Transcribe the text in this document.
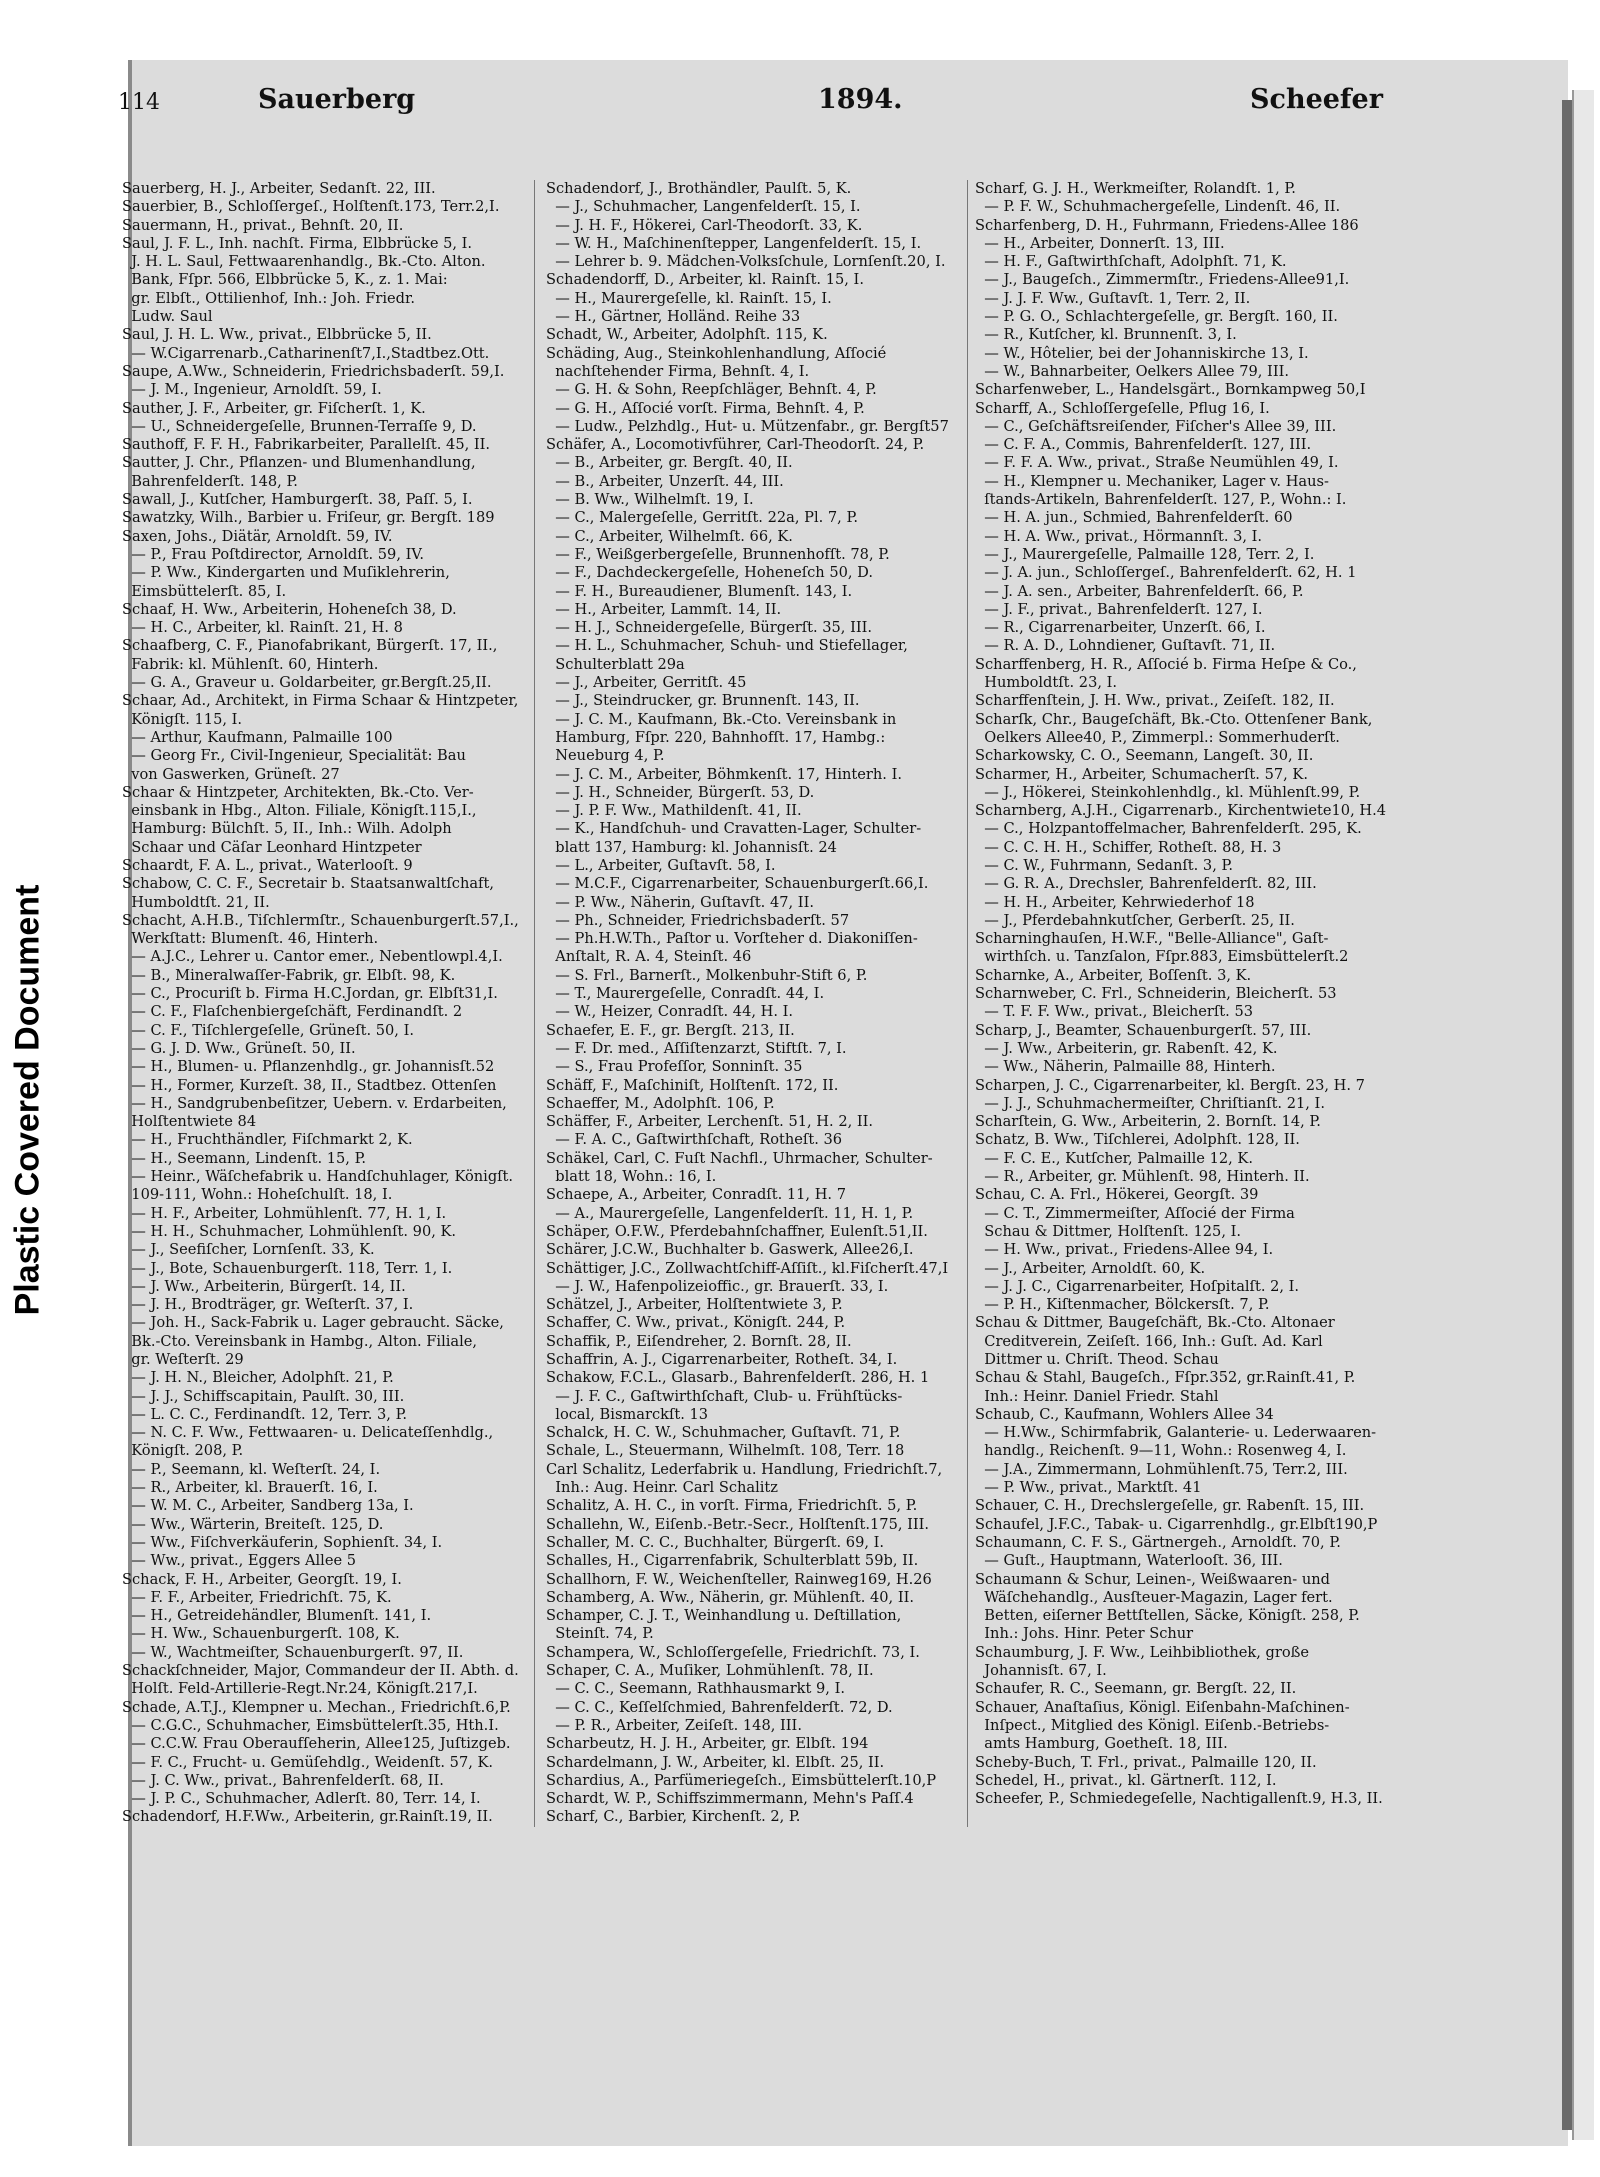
Plastic Covered Document
114	Sauerberg	1894.	Scheefer
Sauerberg, H. J., Arbeiter, Sedanſt. 22, III.
Sauerbier, B., Schloſſergeſ., Holſtenſt.173, Terr.2,I.
Sauermann, H., privat., Behnſt. 20, II.
Saul, J. F. L., Inh. nachſt. Firma, Elbbrücke 5, I.
J. H. L. Saul, Fettwaarenhandlg., Bk.-Cto. Alton.
Bank, Fſpr. 566, Elbbrücke 5, K., z. 1. Mai:
gr. Elbſt., Ottilienhof, Inh.: Joh. Friedr.
Ludw. Saul
Saul, J. H. L. Ww., privat., Elbbrücke 5, II.
— W.Cigarrenarb.,Catharinenſt7,I.,Stadtbez.Ott.
Saupe, A.Ww., Schneiderin, Friedrichsbaderſt. 59,I.
— J. M., Ingenieur, Arnoldſt. 59, I.
Sauther, J. F., Arbeiter, gr. Fiſcherſt. 1, K.
— U., Schneidergeſelle, Brunnen-Terraſſe 9, D.
Sauthoff, F. F. H., Fabrikarbeiter, Parallelſt. 45, II.
Sautter, J. Chr., Pflanzen- und Blumenhandlung,
Bahrenfelderſt. 148, P.
Sawall, J., Kutſcher, Hamburgerſt. 38, Paſſ. 5, I.
Sawatzky, Wilh., Barbier u. Friſeur, gr. Bergſt. 189
Saxen, Johs., Diätär, Arnoldſt. 59, IV.
— P., Frau Poſtdirector, Arnoldſt. 59, IV.
— P. Ww., Kindergarten und Muſiklehrerin,
Eimsbüttelerſt. 85, I.
Schaaf, H. Ww., Arbeiterin, Hoheneſch 38, D.
— H. C., Arbeiter, kl. Rainſt. 21, H. 8
Schaafberg, C. F., Pianofabrikant, Bürgerſt. 17, II.,
Fabrik: kl. Mühlenſt. 60, Hinterh.
— G. A., Graveur u. Goldarbeiter, gr.Bergſt.25,II.
Schaar, Ad., Architekt, in Firma Schaar & Hintzpeter,
Königſt. 115, I.
— Arthur, Kaufmann, Palmaille 100
— Georg Fr., Civil-Ingenieur, Specialität: Bau
von Gaswerken, Grüneſt. 27
Schaar & Hintzpeter, Architekten, Bk.-Cto. Ver-
einsbank in Hbg., Alton. Filiale, Königſt.115,I.,
Hamburg: Bülchſt. 5, II., Inh.: Wilh. Adolph
Schaar und Cäſar Leonhard Hintzpeter
Schaardt, F. A. L., privat., Waterlooſt. 9
Schabow, C. C. F., Secretair b. Staatsanwaltſchaft,
Humboldtſt. 21, II.
Schacht, A.H.B., Tiſchlermſtr., Schauenburgerſt.57,I.,
Werkſtatt: Blumenſt. 46, Hinterh.
— A.J.C., Lehrer u. Cantor emer., Nebentlowpl.4,I.
— B., Mineralwaſſer-Fabrik, gr. Elbſt. 98, K.
— C., Procuriſt b. Firma H.C.Jordan, gr. Elbſt31,I.
— C. F., Flaſchenbiergeſchäft, Ferdinandſt. 2
— C. F., Tiſchlergeſelle, Grüneſt. 50, I.
— G. J. D. Ww., Grüneſt. 50, II.
— H., Blumen- u. Pflanzenhdlg., gr. Johannisſt.52
— H., Former, Kurzeſt. 38, II., Stadtbez. Ottenſen
— H., Sandgrubenbeſitzer, Uebern. v. Erdarbeiten,
Holſtentwiete 84
— H., Fruchthändler, Fiſchmarkt 2, K.
— H., Seemann, Lindenſt. 15, P.
— Heinr., Wäſchefabrik u. Handſchuhlager, Königſt.
109-111, Wohn.: Hoheſchulſt. 18, I.
— H. F., Arbeiter, Lohmühlenſt. 77, H. 1, I.
— H. H., Schuhmacher, Lohmühlenſt. 90, K.
— J., Seefiſcher, Lornſenſt. 33, K.
— J., Bote, Schauenburgerſt. 118, Terr. 1, I.
— J. Ww., Arbeiterin, Bürgerſt. 14, II.
— J. H., Brodträger, gr. Weſterſt. 37, I.
— Joh. H., Sack-Fabrik u. Lager gebraucht. Säcke,
Bk.-Cto. Vereinsbank in Hambg., Alton. Filiale,
gr. Weſterſt. 29
— J. H. N., Bleicher, Adolphſt. 21, P.
— J. J., Schiffscapitain, Paulſt. 30, III.
— L. C. C., Ferdinandſt. 12, Terr. 3, P.
— N. C. F. Ww., Fettwaaren- u. Delicateſſenhdlg.,
Königſt. 208, P.
— P., Seemann, kl. Weſterſt. 24, I.
— R., Arbeiter, kl. Brauerſt. 16, I.
— W. M. C., Arbeiter, Sandberg 13a, I.
— Ww., Wärterin, Breiteſt. 125, D.
— Ww., Fiſchverkäuferin, Sophienſt. 34, I.
— Ww., privat., Eggers Allee 5
Schack, F. H., Arbeiter, Georgſt. 19, I.
— F. F., Arbeiter, Friedrichſt. 75, K.
— H., Getreidehändler, Blumenſt. 141, I.
— H. Ww., Schauenburgerſt. 108, K.
— W., Wachtmeiſter, Schauenburgerſt. 97, II.
Schackſchneider, Major, Commandeur der II. Abth. d.
Holſt. Feld-Artillerie-Regt.Nr.24, Königſt.217,I.
Schade, A.T.J., Klempner u. Mechan., Friedrichſt.6,P.
— C.G.C., Schuhmacher, Eimsbüttelerſt.35, Hth.I.
— C.C.W. Frau Oberaufſeherin, Allee125, Juſtizgeb.
— F. C., Frucht- u. Gemüſehdlg., Weidenſt. 57, K.
— J. C. Ww., privat., Bahrenfelderſt. 68, II.
— J. P. C., Schuhmacher, Adlerſt. 80, Terr. 14, I.
Schadendorf, H.F.Ww., Arbeiterin, gr.Rainſt.19, II.
Schadendorf, J., Brothändler, Paulſt. 5, K.
— J., Schuhmacher, Langenfelderſt. 15, I.
— J. H. F., Hökerei, Carl-Theodorſt. 33, K.
— W. H., Maſchinenſtepper, Langenfelderſt. 15, I.
— Lehrer b. 9. Mädchen-Volksſchule, Lornſenſt.20, I.
Schadendorff, D., Arbeiter, kl. Rainſt. 15, I.
— H., Maurergeſelle, kl. Rainſt. 15, I.
— H., Gärtner, Holländ. Reihe 33
Schadt, W., Arbeiter, Adolphſt. 115, K.
Schäding, Aug., Steinkohlenhandlung, Aſſocié
nachſtehender Firma, Behnſt. 4, I.
— G. H. & Sohn, Reepſchläger, Behnſt. 4, P.
— G. H., Aſſocié vorſt. Firma, Behnſt. 4, P.
— Ludw., Pelzhdlg., Hut- u. Mützenfabr., gr. Bergſt57
Schäfer, A., Locomotivführer, Carl-Theodorſt. 24, P.
— B., Arbeiter, gr. Bergſt. 40, II.
— B., Arbeiter, Unzerſt. 44, III.
— B. Ww., Wilhelmſt. 19, I.
— C., Malergeſelle, Gerritſt. 22a, Pl. 7, P.
— C., Arbeiter, Wilhelmſt. 66, K.
— F., Weißgerbergeſelle, Brunnenhofſt. 78, P.
— F., Dachdeckergeſelle, Hoheneſch 50, D.
— F. H., Bureaudiener, Blumenſt. 143, I.
— H., Arbeiter, Lammſt. 14, II.
— H. J., Schneidergeſelle, Bürgerſt. 35, III.
— H. L., Schuhmacher, Schuh- und Stiefellager,
Schulterblatt 29a
— J., Arbeiter, Gerritſt. 45
— J., Steindrucker, gr. Brunnenſt. 143, II.
— J. C. M., Kaufmann, Bk.-Cto. Vereinsbank in
Hamburg, Fſpr. 220, Bahnhofſt. 17, Hambg.:
Neueburg 4, P.
— J. C. M., Arbeiter, Böhmkenſt. 17, Hinterh. I.
— J. H., Schneider, Bürgerſt. 53, D.
— J. P. F. Ww., Mathildenſt. 41, II.
— K., Handſchuh- und Cravatten-Lager, Schulter-
blatt 137, Hamburg: kl. Johannisſt. 24
— L., Arbeiter, Guſtavſt. 58, I.
— M.C.F., Cigarrenarbeiter, Schauenburgerſt.66,I.
— P. Ww., Näherin, Guſtavſt. 47, II.
— Ph., Schneider, Friedrichsbaderſt. 57
— Ph.H.W.Th., Paſtor u. Vorſteher d. Diakoniſſen-
Anſtalt, R. A. 4, Steinſt. 46
— S. Frl., Barnerſt., Molkenbuhr-Stift 6, P.
— T., Maurergeſelle, Conradſt. 44, I.
— W., Heizer, Conradſt. 44, H. I.
Schaefer, E. F., gr. Bergſt. 213, II.
— F. Dr. med., Aſſiſtenzarzt, Stiftſt. 7, I.
— S., Frau Profeſſor, Sonninſt. 35
Schäff, F., Maſchiniſt, Holſtenſt. 172, II.
Schaeffer, M., Adolphſt. 106, P.
Schäffer, F., Arbeiter, Lerchenſt. 51, H. 2, II.
— F. A. C., Gaſtwirthſchaft, Rotheſt. 36
Schäkel, Carl, C. Fuſt Nachfl., Uhrmacher, Schulter-
blatt 18, Wohn.: 16, I.
Schaepe, A., Arbeiter, Conradſt. 11, H. 7
— A., Maurergeſelle, Langenfelderſt. 11, H. 1, P.
Schäper, O.F.W., Pferdebahnſchaffner, Eulenſt.51,II.
Schärer, J.C.W., Buchhalter b. Gaswerk, Allee26,I.
Schättiger, J.C., Zollwachtſchiff-Aſſiſt., kl.Fiſcherſt.47,I
— J. W., Hafenpolizeioffic., gr. Brauerſt. 33, I.
Schätzel, J., Arbeiter, Holſtentwiete 3, P.
Schaffer, C. Ww., privat., Königſt. 244, P.
Schaffik, P., Eiſendreher, 2. Bornſt. 28, II.
Schaffrin, A. J., Cigarrenarbeiter, Rotheſt. 34, I.
Schakow, F.C.L., Glasarb., Bahrenfelderſt. 286, H. 1
— J. F. C., Gaſtwirthſchaft, Club- u. Frühſtücks-
local, Bismarckſt. 13
Schalck, H. C. W., Schuhmacher, Guſtavſt. 71, P.
Schale, L., Steuermann, Wilhelmſt. 108, Terr. 18
Carl Schalitz, Lederfabrik u. Handlung, Friedrichſt.7,
Inh.: Aug. Heinr. Carl Schalitz
Schalitz, A. H. C., in vorſt. Firma, Friedrichſt. 5, P.
Schallehn, W., Eiſenb.-Betr.-Secr., Holſtenſt.175, III.
Schaller, M. C. C., Buchhalter, Bürgerſt. 69, I.
Schalles, H., Cigarrenfabrik, Schulterblatt 59b, II.
Schallhorn, F. W., Weichenſteller, Rainweg169, H.26
Schamberg, A. Ww., Näherin, gr. Mühlenſt. 40, II.
Schamper, C. J. T., Weinhandlung u. Deſtillation,
Steinſt. 74, P.
Schampera, W., Schloſſergeſelle, Friedrichſt. 73, I.
Schaper, C. A., Muſiker, Lohmühlenſt. 78, II.
— C. C., Seemann, Rathhausmarkt 9, I.
— C. C., Keſſelſchmied, Bahrenfelderſt. 72, D.
— P. R., Arbeiter, Zeiſeſt. 148, III.
Scharbeutz, H. J. H., Arbeiter, gr. Elbſt. 194
Schardelmann, J. W., Arbeiter, kl. Elbſt. 25, II.
Schardius, A., Parfümeriegeſch., Eimsbüttelerſt.10,P
Schardt, W. P., Schiffszimmermann, Mehn's Paſſ.4
Scharf, C., Barbier, Kirchenſt. 2, P.
Scharf, G. J. H., Werkmeiſter, Rolandſt. 1, P.
— P. F. W., Schuhmachergeſelle, Lindenſt. 46, II.
Scharfenberg, D. H., Fuhrmann, Friedens-Allee 186
— H., Arbeiter, Donnerſt. 13, III.
— H. F., Gaſtwirthſchaft, Adolphſt. 71, K.
— J., Baugeſch., Zimmermſtr., Friedens-Allee91,I.
— J. J. F. Ww., Guſtavſt. 1, Terr. 2, II.
— P. G. O., Schlachtergeſelle, gr. Bergſt. 160, II.
— R., Kutſcher, kl. Brunnenſt. 3, I.
— W., Hôtelier, bei der Johanniskirche 13, I.
— W., Bahnarbeiter, Oelkers Allee 79, III.
Scharfenweber, L., Handelsgärt., Bornkampweg 50,I
Scharff, A., Schloſſergeſelle, Pflug 16, I.
— C., Geſchäftsreiſender, Fiſcher's Allee 39, III.
— C. F. A., Commis, Bahrenfelderſt. 127, III.
— F. F. A. Ww., privat., Straße Neumühlen 49, I.
— H., Klempner u. Mechaniker, Lager v. Haus-
ſtands-Artikeln, Bahrenfelderſt. 127, P., Wohn.: I.
— H. A. jun., Schmied, Bahrenfelderſt. 60
— H. A. Ww., privat., Hörmannſt. 3, I.
— J., Maurergeſelle, Palmaille 128, Terr. 2, I.
— J. A. jun., Schloſſergeſ., Bahrenfelderſt. 62, H. 1
— J. A. sen., Arbeiter, Bahrenfelderſt. 66, P.
— J. F., privat., Bahrenfelderſt. 127, I.
— R., Cigarrenarbeiter, Unzerſt. 66, I.
— R. A. D., Lohndiener, Guſtavſt. 71, II.
Scharffenberg, H. R., Aſſocié b. Firma Heſpe & Co.,
Humboldtſt. 23, I.
Scharffenſtein, J. H. Ww., privat., Zeiſeſt. 182, II.
Scharſk, Chr., Baugeſchäft, Bk.-Cto. Ottenſener Bank,
Oelkers Allee40, P., Zimmerpl.: Sommerhuderſt.
Scharkowsky, C. O., Seemann, Langeſt. 30, II.
Scharmer, H., Arbeiter, Schumacherſt. 57, K.
— J., Hökerei, Steinkohlenhdlg., kl. Mühlenſt.99, P.
Scharnberg, A.J.H., Cigarrenarb., Kirchentwiete10, H.4
— C., Holzpantoffelmacher, Bahrenfelderſt. 295, K.
— C. C. H. H., Schiffer, Rotheſt. 88, H. 3
— C. W., Fuhrmann, Sedanſt. 3, P.
— G. R. A., Drechsler, Bahrenfelderſt. 82, III.
— H. H., Arbeiter, Kehrwiederhof 18
— J., Pferdebahnkutſcher, Gerberſt. 25, II.
Scharninghauſen, H.W.F., "Belle-Alliance", Gaſt-
wirthſch. u. Tanzſalon, Fſpr.883, Eimsbüttelerſt.2
Scharnke, A., Arbeiter, Boſſenſt. 3, K.
Scharnweber, C. Frl., Schneiderin, Bleicherſt. 53
— T. F. F. Ww., privat., Bleicherſt. 53
Scharp, J., Beamter, Schauenburgerſt. 57, III.
— J. Ww., Arbeiterin, gr. Rabenſt. 42, K.
— Ww., Näherin, Palmaille 88, Hinterh.
Scharpen, J. C., Cigarrenarbeiter, kl. Bergſt. 23, H. 7
— J. J., Schuhmachermeiſter, Chriſtianſt. 21, I.
Scharſtein, G. Ww., Arbeiterin, 2. Bornſt. 14, P.
Schatz, B. Ww., Tiſchlerei, Adolphſt. 128, II.
— F. C. E., Kutſcher, Palmaille 12, K.
— R., Arbeiter, gr. Mühlenſt. 98, Hinterh. II.
Schau, C. A. Frl., Hökerei, Georgſt. 39
— C. T., Zimmermeiſter, Aſſocié der Firma
Schau & Dittmer, Holſtenſt. 125, I.
— H. Ww., privat., Friedens-Allee 94, I.
— J., Arbeiter, Arnoldſt. 60, K.
— J. J. C., Cigarrenarbeiter, Hoſpitalſt. 2, I.
— P. H., Kiſtenmacher, Bölckersſt. 7, P.
Schau & Dittmer, Baugeſchäft, Bk.-Cto. Altonaer
Creditverein, Zeiſeſt. 166, Inh.: Guſt. Ad. Karl
Dittmer u. Chriſt. Theod. Schau
Schau & Stahl, Baugeſch., Fſpr.352, gr.Rainſt.41, P.
Inh.: Heinr. Daniel Friedr. Stahl
Schaub, C., Kaufmann, Wohlers Allee 34
— H.Ww., Schirmfabrik, Galanterie- u. Lederwaaren-
handlg., Reichenſt. 9—11, Wohn.: Rosenweg 4, I.
— J.A., Zimmermann, Lohmühlenſt.75, Terr.2, III.
— P. Ww., privat., Marktſt. 41
Schauer, C. H., Drechslergeſelle, gr. Rabenſt. 15, III.
Schaufel, J.F.C., Tabak- u. Cigarrenhdlg., gr.Elbſt190,P
Schaumann, C. F. S., Gärtnergeh., Arnoldſt. 70, P.
— Guſt., Hauptmann, Waterlooſt. 36, III.
Schaumann & Schur, Leinen-, Weißwaaren- und
Wäſchehandlg., Ausſteuer-Magazin, Lager fert.
Betten, eiſerner Bettſtellen, Säcke, Königſt. 258, P.
Inh.: Johs. Hinr. Peter Schur
Schaumburg, J. F. Ww., Leihbibliothek, große
Johannisſt. 67, I.
Schaufer, R. C., Seemann, gr. Bergſt. 22, II.
Schauer, Anaſtaſius, Königl. Eiſenbahn-Maſchinen-
Inſpect., Mitglied des Königl. Eiſenb.-Betriebs-
amts Hamburg, Goetheſt. 18, III.
Scheby-Buch, T. Frl., privat., Palmaille 120, II.
Schedel, H., privat., kl. Gärtnerſt. 112, I.
Scheefer, P., Schmiedegeſelle, Nachtigallenſt.9, H.3, II.
